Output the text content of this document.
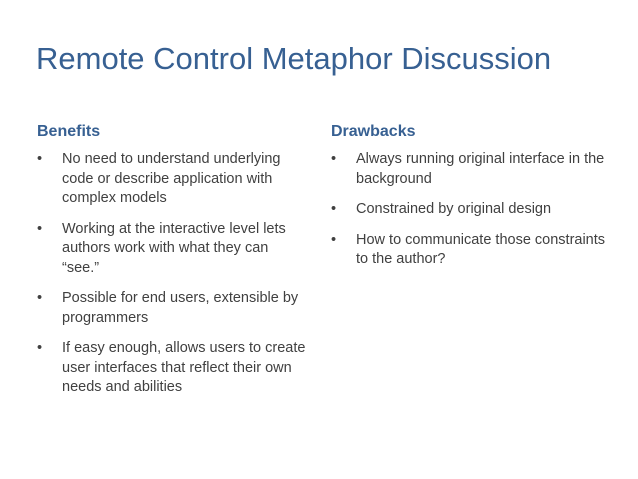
Remote Control Metaphor Discussion
Benefits
• No need to understand underlying code or describe application with complex models
• Working at the interactive level lets authors work with what they can “see.”
• Possible for end users, extensible by programmers
• If easy enough, allows users to create user interfaces that reflect their own needs and abilities
Drawbacks
• Always running original interface in the background
• Constrained by original design
• How to communicate those constraints to the author?
